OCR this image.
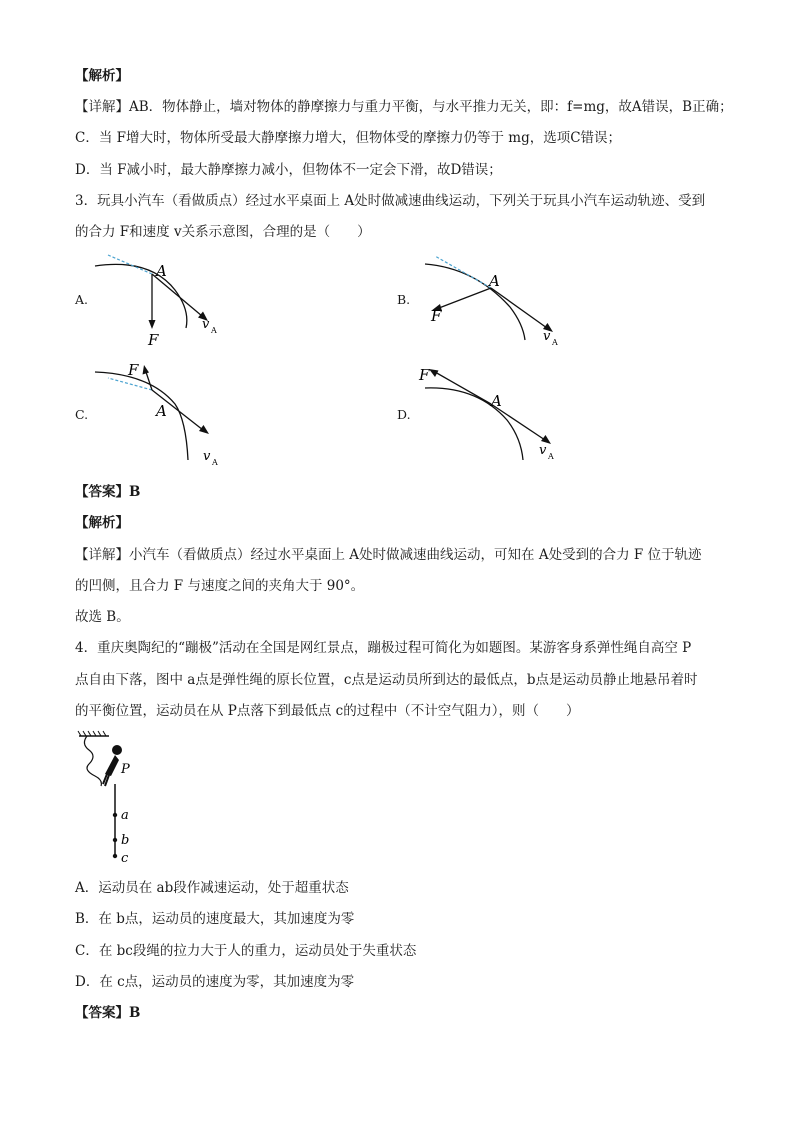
【解析】
【详解】AB．物体静止，墙对物体的静摩擦力与重力平衡，与水平推力无关，即：f=mg，故A错误，B正确；
C．当 F增大时，物体所受最大静摩擦力增大，但物体受的摩擦力仍等于 mg，选项C错误；
D．当 F减小时，最大静摩擦力减小，但物体不一定会下滑，故D错误；
3．玩具小汽车（看做质点）经过水平桌面上 A处时做减速曲线运动，下列关于玩具小汽车运动轨迹、受到
的合力 F和速度 v关系示意图，合理的是（　　）
A.
A
F
v A
B.
A
F
v A
C.	A
F
v A
D.
A
F
v A
【答案】B
【解析】
【详解】小汽车（看做质点）经过水平桌面上 A处时做减速曲线运动，可知在 A处受到的合力 F 位于轨迹
的凹侧，且合力 F 与速度之间的夹角大于 90°。
故选 B。
4．重庆奥陶纪的“蹦极”活动在全国是网红景点，蹦极过程可简化为如题图。某游客身系弹性绳自高空 P
点自由下落，图中 a点是弹性绳的原长位置，c点是运动员所到达的最低点，b点是运动员静止地悬吊着时
的平衡位置，运动员在从 P点落下到最低点 c的过程中（不计空气阻力），则（　　）
P
a
b
c
A．运动员在 ab段作减速运动，处于超重状态
B．在 b点，运动员的速度最大，其加速度为零
C．在 bc段绳的拉力大于人的重力，运动员处于失重状态
D．在 c点，运动员的速度为零，其加速度为零
【答案】B
